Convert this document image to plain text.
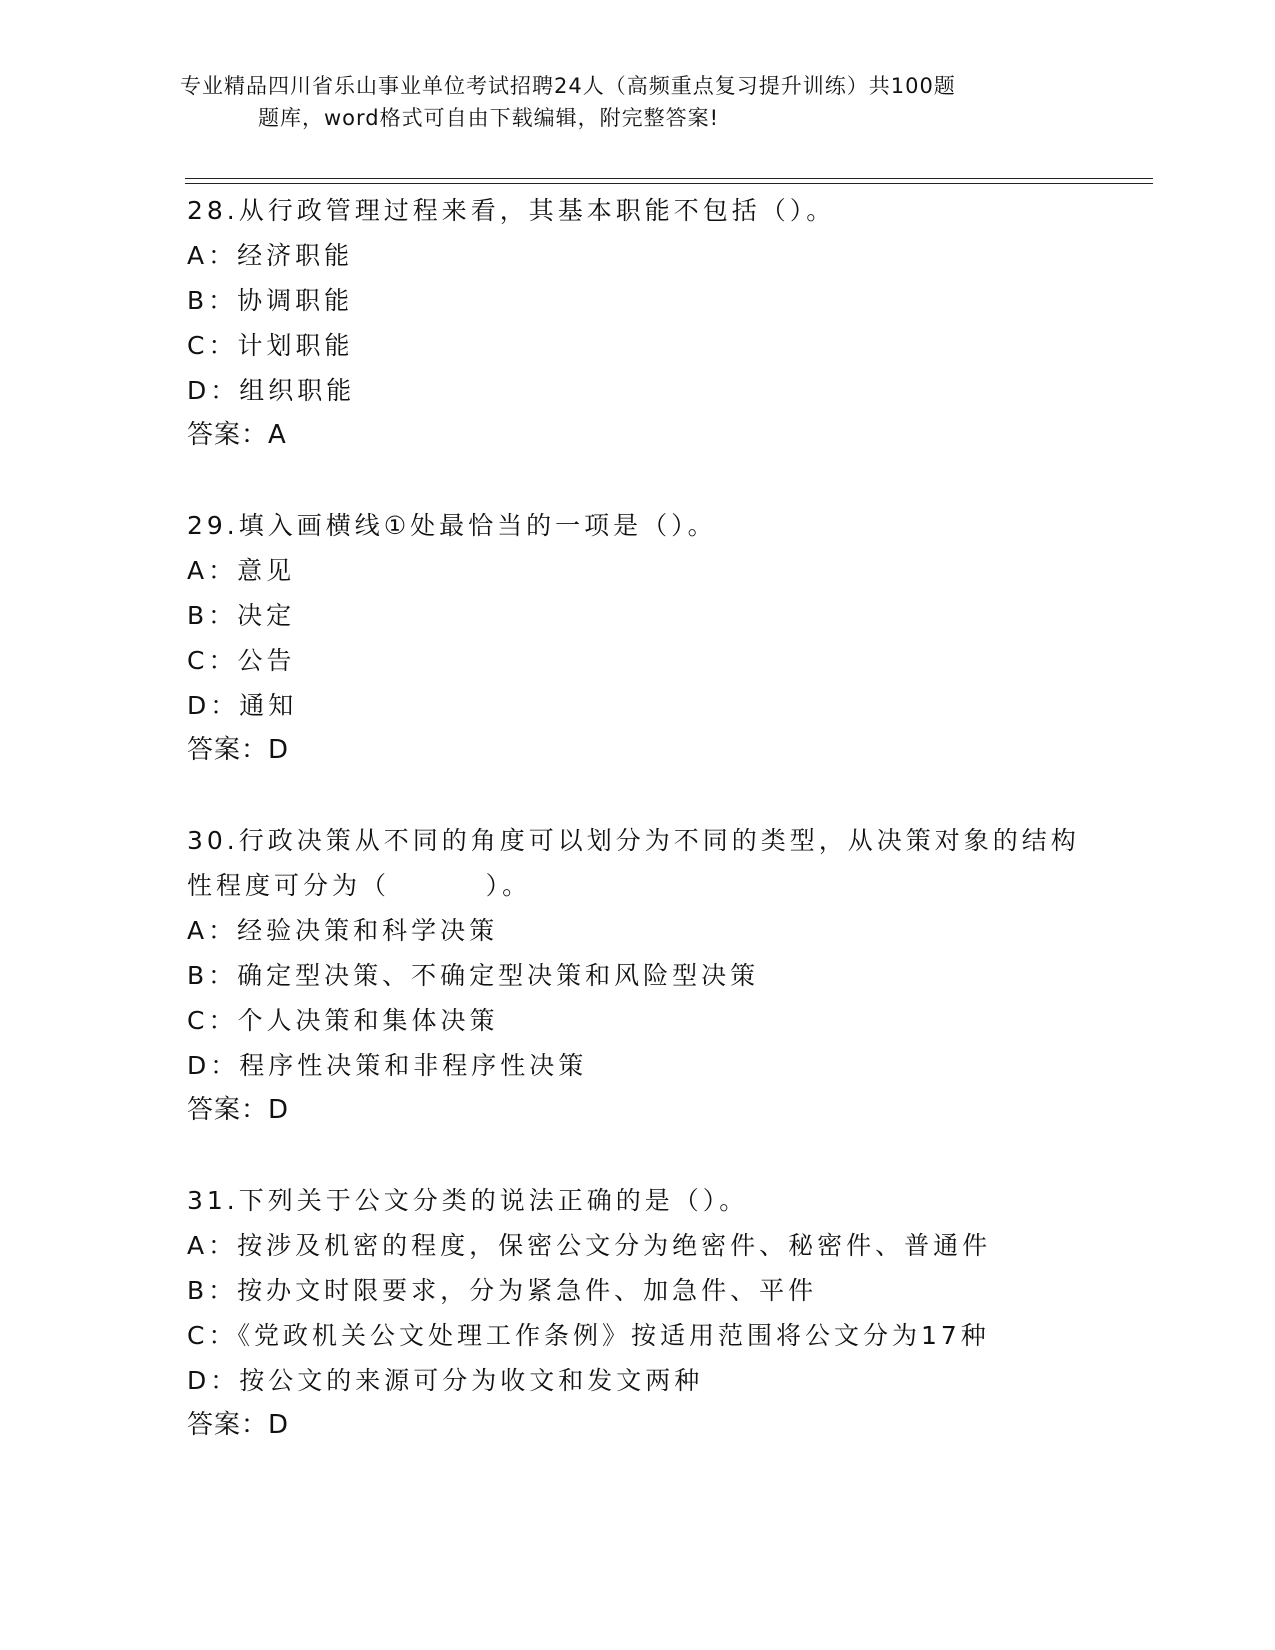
专业精品四川省乐山事业单位考试招聘24人（高频重点复习提升训练）共100题
题库，word格式可自由下载编辑，附完整答案!
28.从行政管理过程来看，其基本职能不包括（）。
A：经济职能
B：协调职能
C：计划职能
D：组织职能
答案：A
29.填入画横线①处最恰当的一项是（）。
A：意见
B：决定
C：公告
D：通知
答案：D
30.行政决策从不同的角度可以划分为不同的类型，从决策对象的结构
性程度可分为（        ）。
A：经验决策和科学决策
B：确定型决策、不确定型决策和风险型决策
C：个人决策和集体决策
D：程序性决策和非程序性决策
答案：D
31.下列关于公文分类的说法正确的是（）。
A：按涉及机密的程度，保密公文分为绝密件、秘密件、普通件
B：按办文时限要求，分为紧急件、加急件、平件
C：《党政机关公文处理工作条例》按适用范围将公文分为17种
D：按公文的来源可分为收文和发文两种
答案：D
